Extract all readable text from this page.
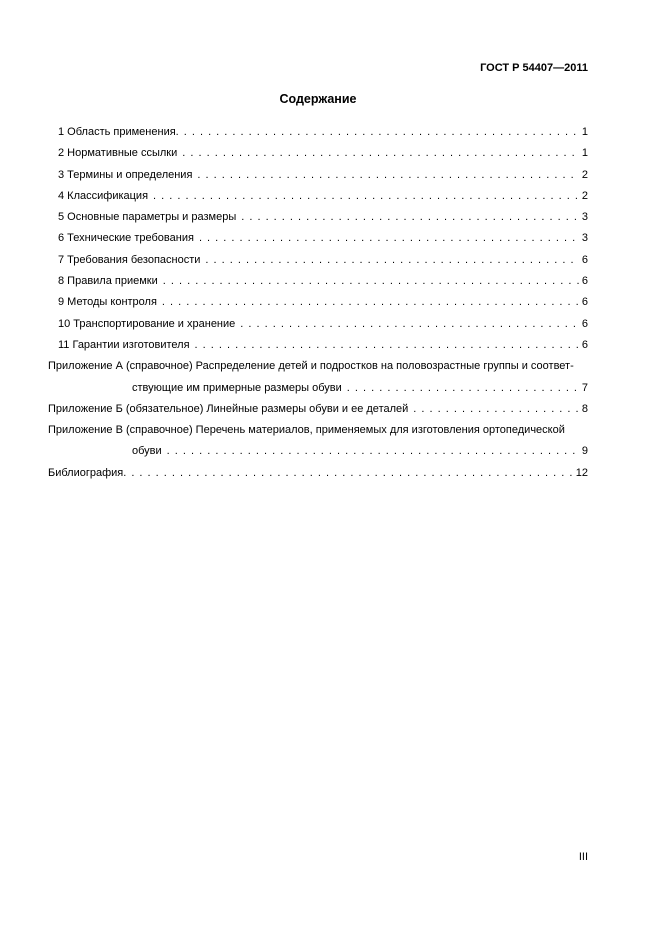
ГОСТ Р 54407—2011
Содержание
1 Область применения. . . .	1
2 Нормативные ссылки . . .	1
3 Термины и определения . . .	2
4 Классификация . . .	2
5 Основные параметры и размеры . . .	3
6 Технические требования . . .	3
7 Требования безопасности . . .	6
8 Правила приемки . . .	6
9 Методы контроля . . .	6
10 Транспортирование и хранение . . .	6
11 Гарантии изготовителя . . .	6
Приложение А (справочное) Распределение детей и подростков на половозрастные группы и соответ-
ствующие им примерные размеры обуви . . .	7
Приложение Б (обязательное) Линейные размеры обуви и ее деталей . . .	8
Приложение В (справочное) Перечень материалов, применяемых для изготовления ортопедической
обуви . . .	9
Библиография. . . .	12
III
